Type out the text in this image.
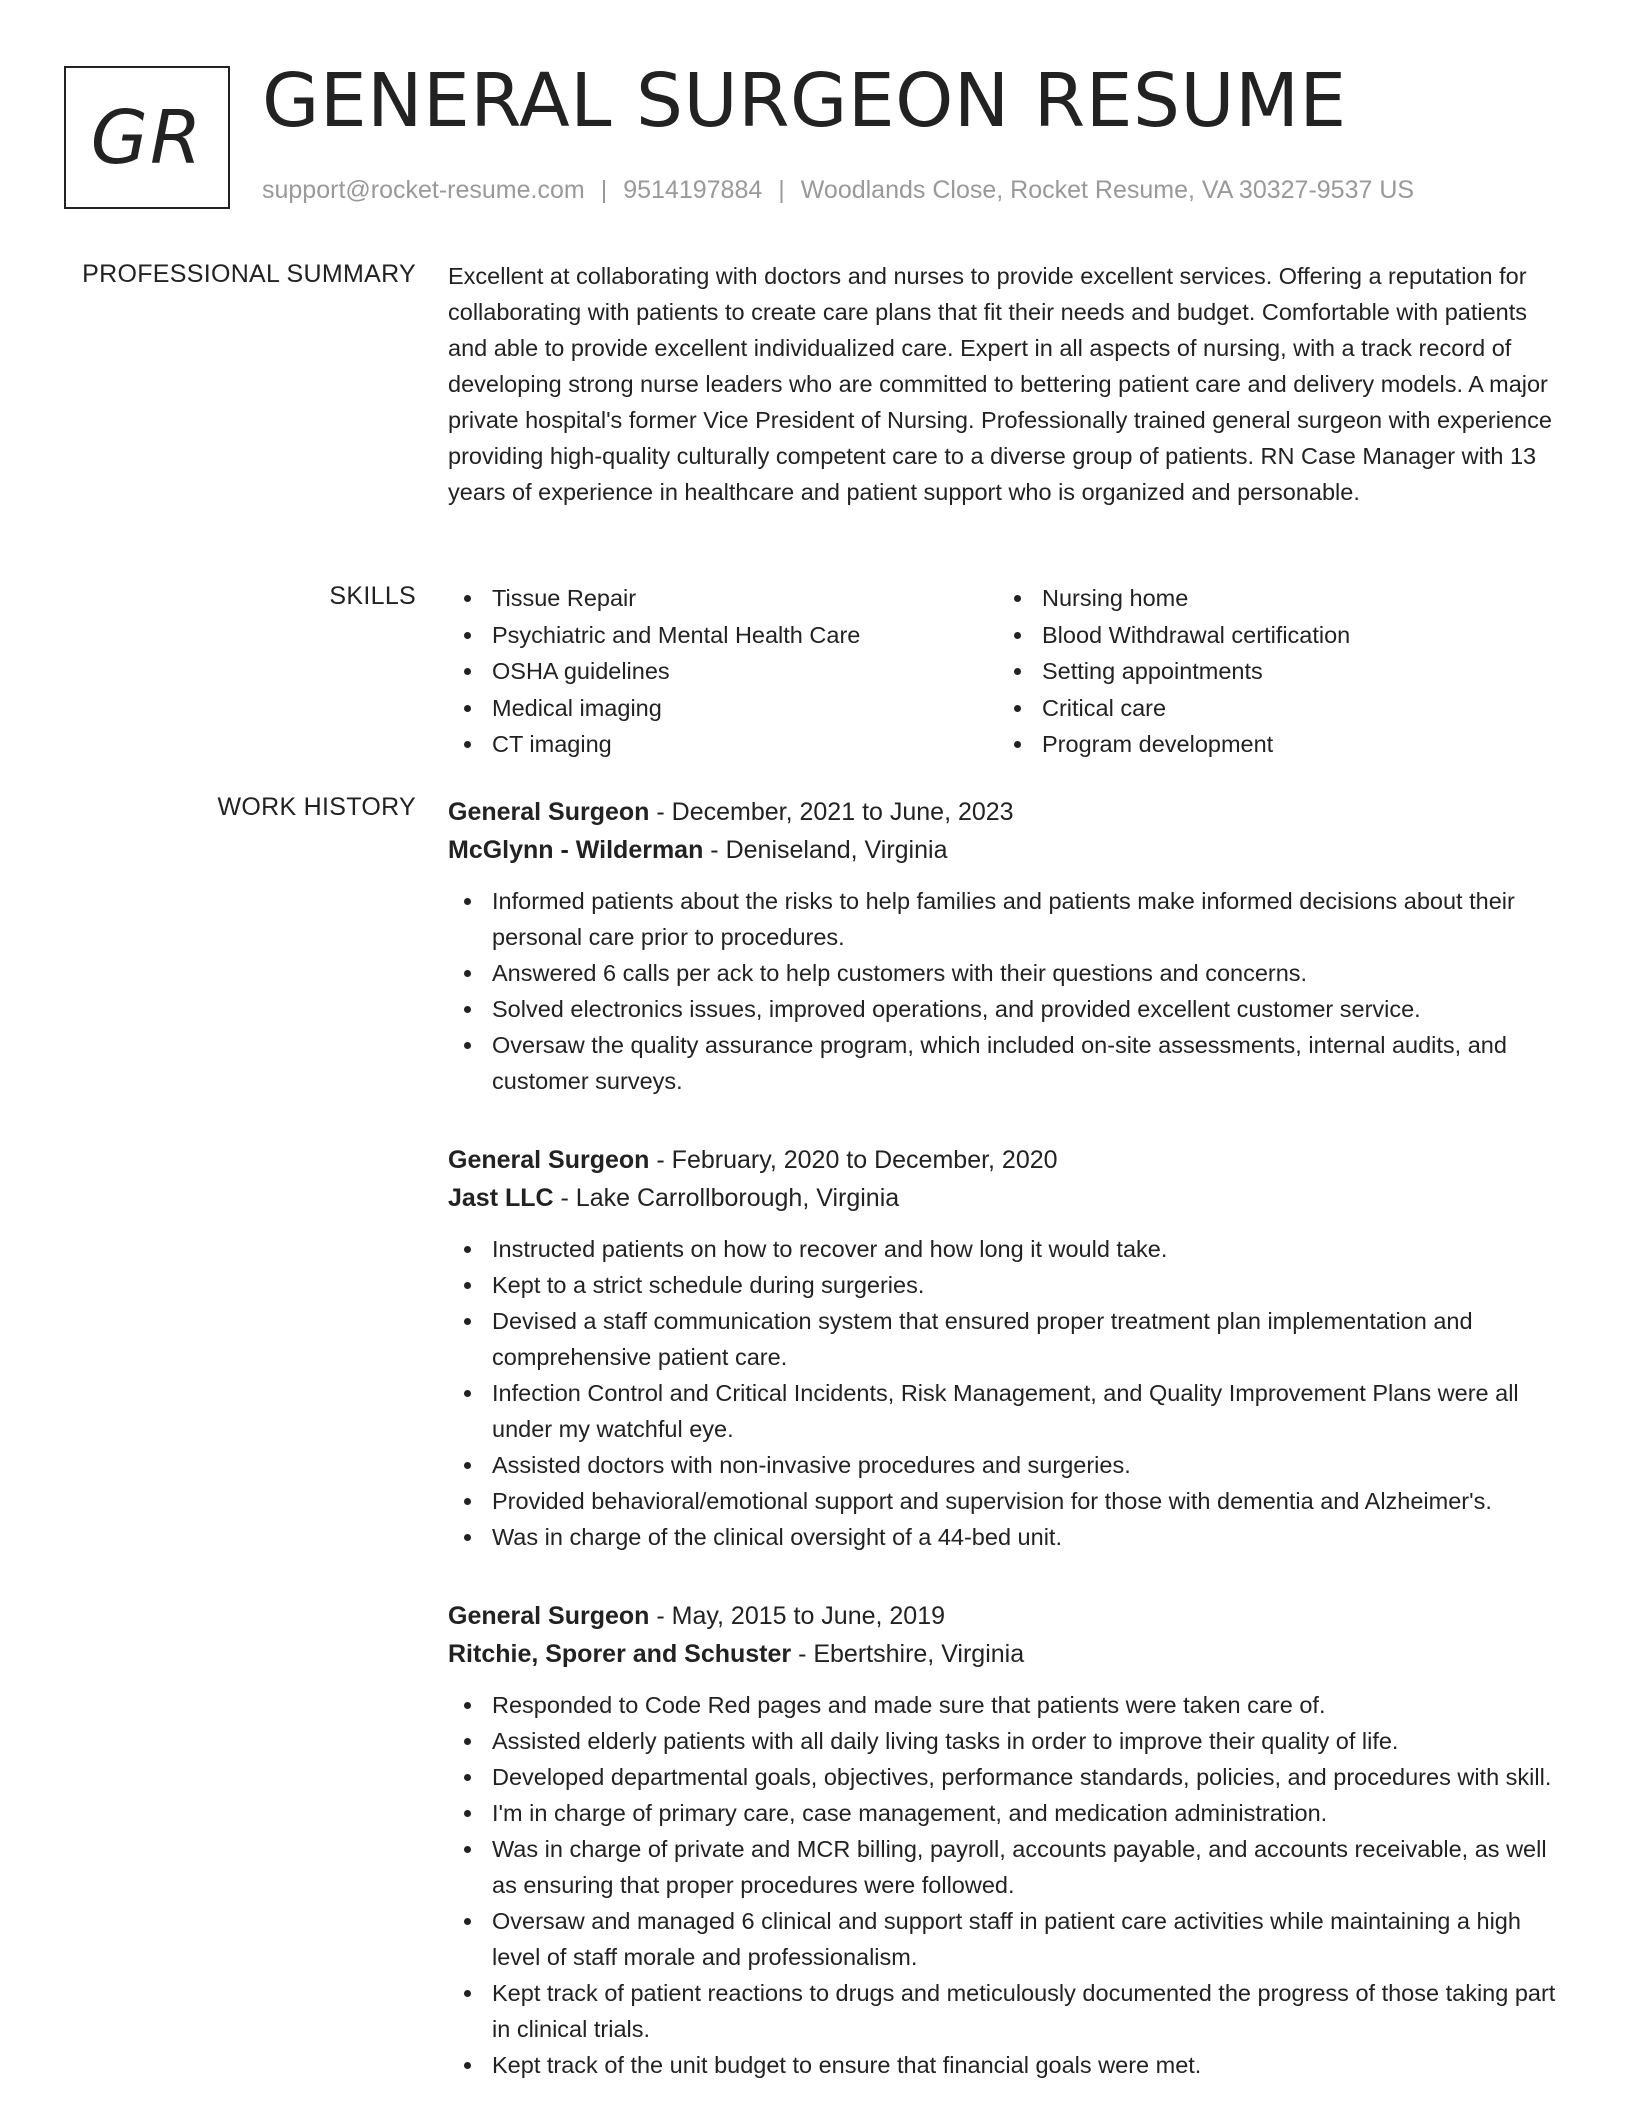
GR GENERAL SURGEON RESUME
support@rocket-resume.com | 9514197884 | Woodlands Close, Rocket Resume, VA 30327-9537 US
PROFESSIONAL SUMMARY Excellent at collaborating with doctors and nurses to provide excellent services. Offering a reputation for collaborating with patients to create care plans that fit their needs and budget. Comfortable with patients and able to provide excellent individualized care. Expert in all aspects of nursing, with a track record of developing strong nurse leaders who are committed to bettering patient care and delivery models. A major private hospital's former Vice President of Nursing. Professionally trained general surgeon with experience providing high-quality culturally competent care to a diverse group of patients. RN Case Manager with 13 years of experience in healthcare and patient support who is organized and personable.

SKILLS	Tissue Repair
Psychiatric and Mental Health Care
OSHA guidelines
Medical imaging
CT imaging
Nursing home
Blood Withdrawal certification
Setting appointments
Critical care
Program development
WORK HISTORY General Surgeon - December, 2021 to June, 2023
McGlynn - Wilderman - Deniseland, Virginia
Informed patients about the risks to help families and patients make informed decisions about their personal care prior to procedures.
Answered 6 calls per ack to help customers with their questions and concerns.
Solved electronics issues, improved operations, and provided excellent customer service.
Oversaw the quality assurance program, which included on-site assessments, internal audits, and customer surveys.
General Surgeon - February, 2020 to December, 2020
Jast LLC - Lake Carrollborough, Virginia
Instructed patients on how to recover and how long it would take.
Kept to a strict schedule during surgeries.
Devised a staff communication system that ensured proper treatment plan implementation and comprehensive patient care.
Infection Control and Critical Incidents, Risk Management, and Quality Improvement Plans were all under my watchful eye.
Assisted doctors with non-invasive procedures and surgeries.
Provided behavioral/emotional support and supervision for those with dementia and Alzheimer's.
Was in charge of the clinical oversight of a 44-bed unit.
General Surgeon - May, 2015 to June, 2019
Ritchie, Sporer and Schuster - Ebertshire, Virginia
Responded to Code Red pages and made sure that patients were taken care of.
Assisted elderly patients with all daily living tasks in order to improve their quality of life.
Developed departmental goals, objectives, performance standards, policies, and procedures with skill.
I'm in charge of primary care, case management, and medication administration.
Was in charge of private and MCR billing, payroll, accounts payable, and accounts receivable, as well as ensuring that proper procedures were followed.
Oversaw and managed 6 clinical and support staff in patient care activities while maintaining a high level of staff morale and professionalism.
Kept track of patient reactions to drugs and meticulously documented the progress of those taking part in clinical trials.
Kept track of the unit budget to ensure that financial goals were met.
